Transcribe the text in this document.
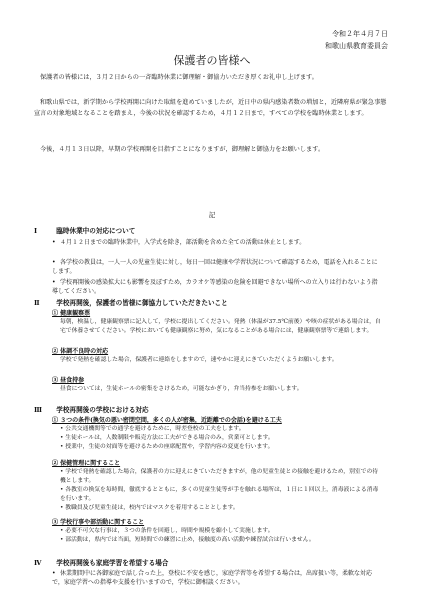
令和２年４月７日
和歌山県教育委員会
保護者の皆様へ
保護者の皆様には，３月２日からの一斉臨時休業に御理解・御協力いただき厚くお礼申し上げます。
和歌山県では，新学期から学校再開に向けた取組を進めていましたが，近日中の県内感染者数の増加と，近隣府県が緊急事態宣言の対象地域となることを踏まえ，今後の状況を確認するため，４月１２日まで，すべての学校を臨時休業とします。
今後，４月１３日以降，早期の学校再開を目指すことになりますが，御理解と御協力をお願いします。
記
Ⅰ	臨時休業中の対応について
• ４月１２日までの臨時休業中，入学式を除き，部活動を含めた全ての活動は休止とします。
• 各学校の教員は，一人一人の児童生徒に対し，毎日一回は健康や学習状況について確認するため，電話を入れることにします。
• 学校再開後の感染拡大にも影響を及ぼすため，カラオケ等感染の危険を回避できない場所への立入りは行わないよう指導してください。
Ⅱ	学校再開後，保護者の皆様に御協力していただきたいこと
① 健康観察票
毎朝，検温し，健康観察票に記入して，学校に提出してください。発熱（体温が37.5℃前後）や咳の症状がある場合は，自宅で休養させてください。学校においても健康観察に努め，気になることがある場合には，健康観察票等で連絡します。
② 体調不良時の対応
学校で発熱を確認した場合，保護者に連絡をしますので，速やかに迎えにきていただくようお願いします。
③ 昼食持参
昼食については，生徒ホールの密集をさけるため，可能なかぎり，弁当持参をお願いします。
Ⅲ 学校再開後の学校における対応
① ３つの条件(換気の悪い密閉空間，多くの人が密集，近距離での会話)を避ける工夫
• 公共交通機関等での通学を避けるために，時差登校の工夫をします。
• 生徒ホールは，人数制限や販売方法に工夫ができる場合のみ，営業可とします。
• 授業中，生徒の対面等を避けるための座席配置や，学習内容の変更を行います。
② 保健管理に関すること
• 学校で発熱を確認した場合，保護者の方に迎えにきていただきますが，他の児童生徒との接触を避けるため，別室での待機とします。
• 各教室の換気を毎時間，徹底するとともに，多くの児童生徒等が手を触れる場所は，１日に１回以上，消毒液による消毒を行います。
• 教職員及び児童生徒は，校内ではマスクを着用することとします。
③ 学校行事や部活動に関すること
• 必要不可欠な行事は，３つの条件を回避し，時間や規模を縮小して実施します。
• 部活動は，県内では当面，短時間での練習に止め，接触度の高い活動や練習試合は行いません。
Ⅳ 学校再開後も家庭学習を希望する場合
• 休業期間中に各御家庭で話し合った上，登校に不安を感じ，家庭学習等を希望する場合は，出席扱い等，柔軟な対応で，家庭学習への指導や支援を行いますので，学校に御相談ください。
